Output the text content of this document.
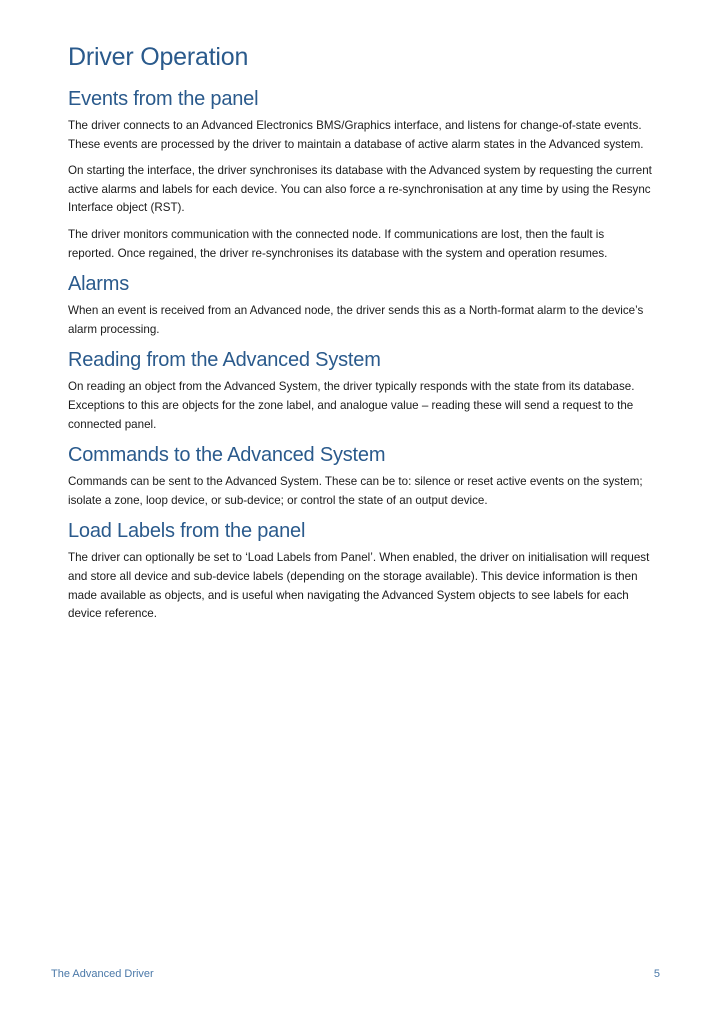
Driver Operation
Events from the panel

The driver connects to an Advanced Electronics BMS/Graphics interface, and listens for change-of-state events. These events are processed by the driver to maintain a database of active alarm states in the Advanced system.

On starting the interface, the driver synchronises its database with the Advanced system by requesting the current active alarms and labels for each device. You can also force a re-synchronisation at any time by using the Resync Interface object (RST).

The driver monitors communication with the connected node. If communications are lost, then the fault is reported. Once regained, the driver re-synchronises its database with the system and operation resumes.

Alarms

When an event is received from an Advanced node, the driver sends this as a North-format alarm to the device’s alarm processing.

Reading from the Advanced System

On reading an object from the Advanced System, the driver typically responds with the state from its database. Exceptions to this are objects for the zone label, and analogue value – reading these will send a request to the connected panel.

Commands to the Advanced System

Commands can be sent to the Advanced System. These can be to: silence or reset active events on the system; isolate a zone, loop device, or sub-device; or control the state of an output device.

Load Labels from the panel

The driver can optionally be set to ‘Load Labels from Panel’. When enabled, the driver on initialisation will request and store all device and sub-device labels (depending on the storage available). This device information is then made available as objects, and is useful when navigating the Advanced System objects to see labels for each device reference.

The Advanced Driver	5
